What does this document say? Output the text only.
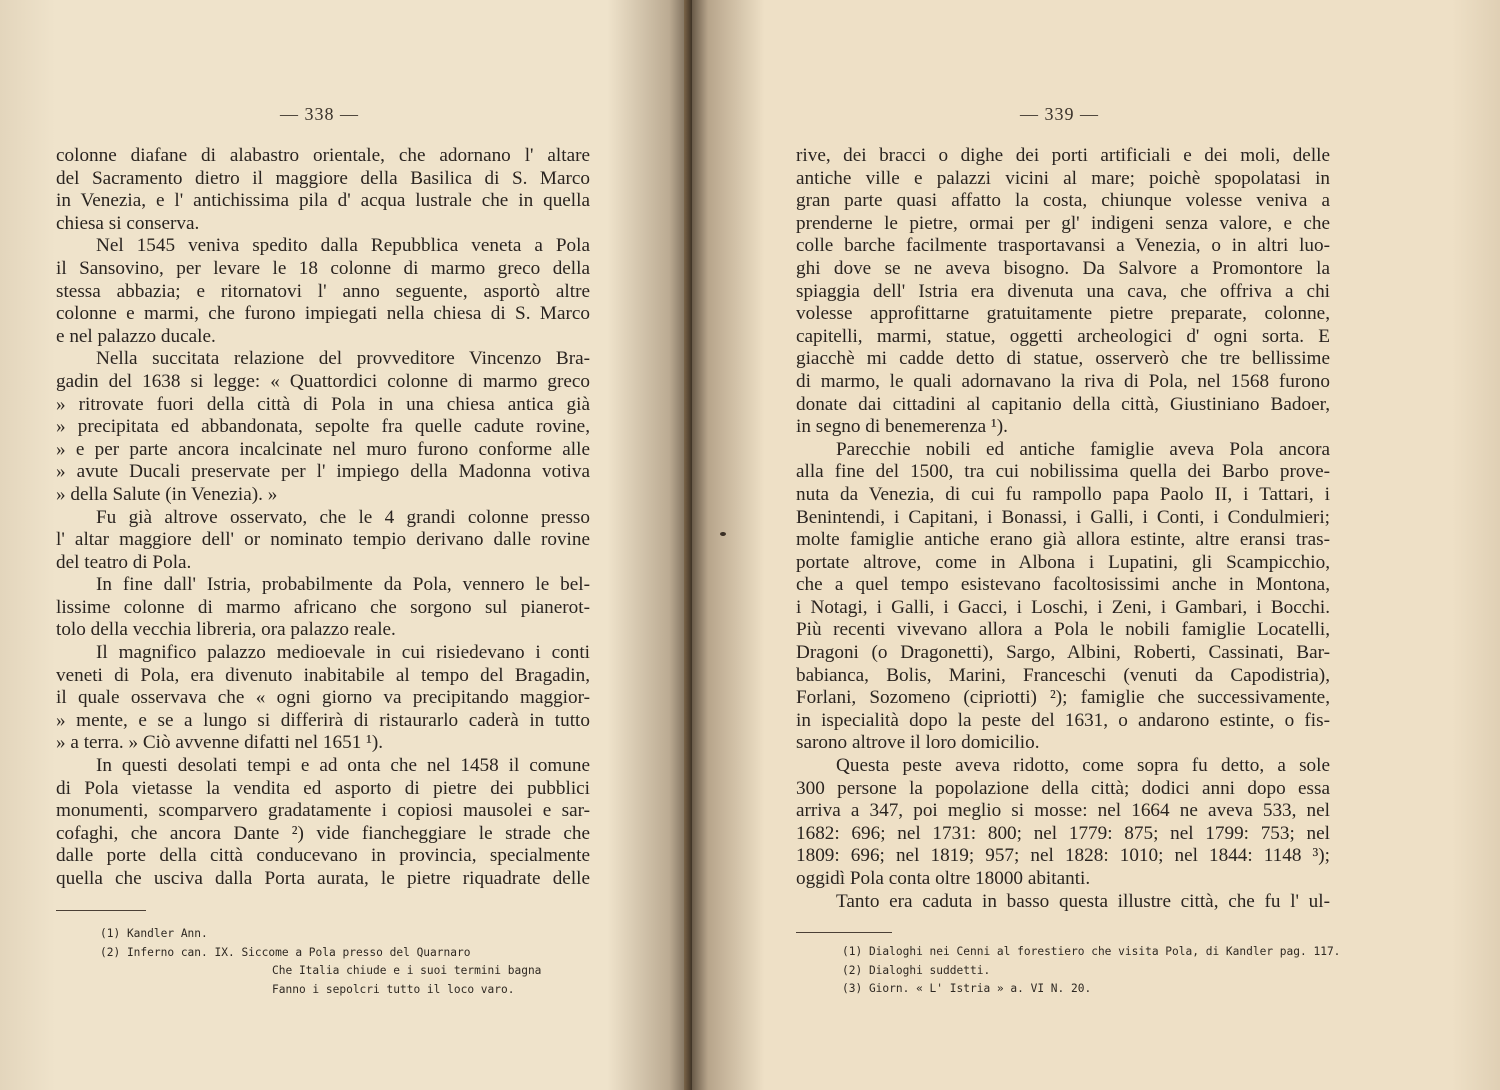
— 338 —
colonne diafane di alabastro orientale, che adornano l' altare
del Sacramento dietro il maggiore della Basilica di S. Marco
in Venezia, e l' antichissima pila d' acqua lustrale che in quella
chiesa si conserva.
Nel 1545 veniva spedito dalla Repubblica veneta a Pola
il Sansovino, per levare le 18 colonne di marmo greco della
stessa abbazia; e ritornatovi l' anno seguente, asportò altre
colonne e marmi, che furono impiegati nella chiesa di S. Marco
e nel palazzo ducale.
Nella succitata relazione del provveditore Vincenzo Bra-
gadin del 1638 si legge: « Quattordici colonne di marmo greco
» ritrovate fuori della città di Pola in una chiesa antica già
» precipitata ed abbandonata, sepolte fra quelle cadute rovine,
» e per parte ancora incalcinate nel muro furono conforme alle
» avute Ducali preservate per l' impiego della Madonna votiva
» della Salute (in Venezia). »
Fu già altrove osservato, che le 4 grandi colonne presso
l' altar maggiore dell' or nominato tempio derivano dalle rovine
del teatro di Pola.
In fine dall' Istria, probabilmente da Pola, vennero le bel-
lissime colonne di marmo africano che sorgono sul pianerot-
tolo della vecchia libreria, ora palazzo reale.
Il magnifico palazzo medioevale in cui risiedevano i conti
veneti di Pola, era divenuto inabitabile al tempo del Bragadin,
il quale osservava che « ogni giorno va precipitando maggior-
» mente, e se a lungo si differirà di ristaurarlo caderà in tutto
» a terra. » Ciò avvenne difatti nel 1651 ¹).
In questi desolati tempi e ad onta che nel 1458 il comune
di Pola vietasse la vendita ed asporto di pietre dei pubblici
monumenti, scomparvero gradatamente i copiosi mausolei e sar-
cofaghi, che ancora Dante ²) vide fiancheggiare le strade che
dalle porte della città conducevano in provincia, specialmente
quella che usciva dalla Porta aurata, le pietre riquadrate delle
(1) Kandler Ann.
(2) Inferno can. IX. Siccome a Pola presso del Quarnaro
Che Italia chiude e i suoi termini bagna
Fanno i sepolcri tutto il loco varo.
— 339 —
rive, dei bracci o dighe dei porti artificiali e dei moli, delle
antiche ville e palazzi vicini al mare; poichè spopolatasi in
gran parte quasi affatto la costa, chiunque volesse veniva a
prenderne le pietre, ormai per gl' indigeni senza valore, e che
colle barche facilmente trasportavansi a Venezia, o in altri luo-
ghi dove se ne aveva bisogno. Da Salvore a Promontore la
spiaggia dell' Istria era divenuta una cava, che offriva a chi
volesse approfittarne gratuitamente pietre preparate, colonne,
capitelli, marmi, statue, oggetti archeologici d' ogni sorta. E
giacchè mi cadde detto di statue, osserverò che tre bellissime
di marmo, le quali adornavano la riva di Pola, nel 1568 furono
donate dai cittadini al capitanio della città, Giustiniano Badoer,
in segno di benemerenza ¹).
Parecchie nobili ed antiche famiglie aveva Pola ancora
alla fine del 1500, tra cui nobilissima quella dei Barbo prove-
nuta da Venezia, di cui fu rampollo papa Paolo II, i Tattari, i
Benintendi, i Capitani, i Bonassi, i Galli, i Conti, i Condulmieri;
molte famiglie antiche erano già allora estinte, altre eransi tras-
portate altrove, come in Albona i Lupatini, gli Scampicchio,
che a quel tempo esistevano facoltosissimi anche in Montona,
i Notagi, i Galli, i Gacci, i Loschi, i Zeni, i Gambari, i Bocchi.
Più recenti vivevano allora a Pola le nobili famiglie Locatelli,
Dragoni (o Dragonetti), Sargo, Albini, Roberti, Cassinati, Bar-
babianca, Bolis, Marini, Franceschi (venuti da Capodistria),
Forlani, Sozomeno (cipriotti) ²); famiglie che successivamente,
in ispecialità dopo la peste del 1631, o andarono estinte, o fis-
sarono altrove il loro domicilio.
Questa peste aveva ridotto, come sopra fu detto, a sole
300 persone la popolazione della città; dodici anni dopo essa
arriva a 347, poi meglio si mosse: nel 1664 ne aveva 533, nel
1682: 696; nel 1731: 800; nel 1779: 875; nel 1799: 753; nel
1809: 696; nel 1819; 957; nel 1828: 1010; nel 1844: 1148 ³);
oggidì Pola conta oltre 18000 abitanti.
Tanto era caduta in basso questa illustre città, che fu l' ul-
(1) Dialoghi nei Cenni al forestiero che visita Pola, di Kandler pag. 117.
(2) Dialoghi suddetti.
(3) Giorn. « L' Istria » a. VI N. 20.
